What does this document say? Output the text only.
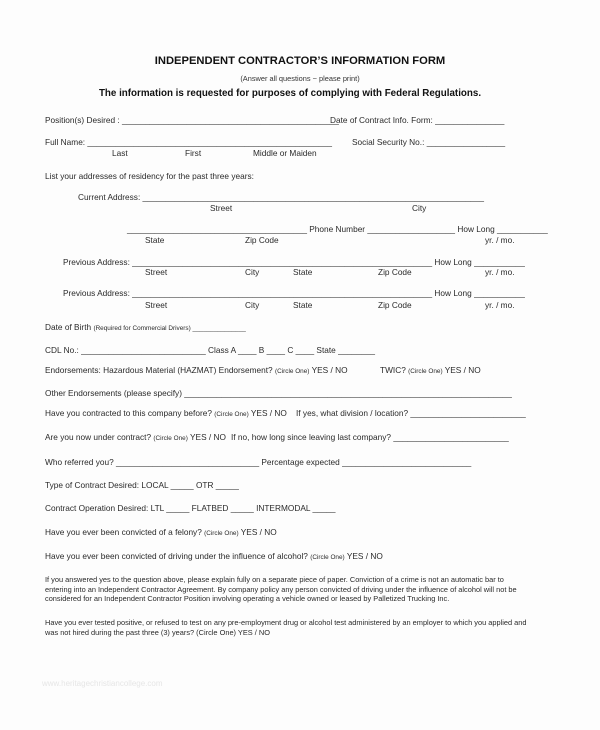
INDEPENDENT CONTRACTOR’S INFORMATION FORM
(Answer all questions ~ please print)
The information is requested for purposes of complying with Federal Regulations.
Position(s) Desired : _______________________________________________
Date of Contract Info. Form: _______________
Full Name: _____________________________________________________ Social Security No.: _________________
Last	First	Middle or Maiden
List your addresses of residency for the past three years:
Current Address: __________________________________________________________________________
Street	City
_______________________________________ Phone Number ___________________ How Long ___________
State	Zip Code	yr. / mo.
Previous Address: _________________________________________________________________ How Long ___________
Street	City	State	Zip Code	yr. / mo.
Previous Address: _________________________________________________________________ How Long ___________
Street	City	State	Zip Code	yr. / mo.
Date of Birth (Required for Commercial Drivers) _______________
CDL No.: ___________________________ Class A ____ B ____ C ____ State ________
Endorsements: Hazardous Material (HAZMAT) Endorsement? (Circle One) YES / NO	TWIC? (Circle One) YES / NO
Other Endorsements (please specify) _______________________________________________________________________
Have you contracted to this company before? (Circle One) YES / NO If yes, what division / location? _________________________
Are you now under contract? (Circle One) YES / NO If no, how long since leaving last company? _________________________
Who referred you? _______________________________ Percentage expected ____________________________
Type of Contract Desired: LOCAL _____ OTR _____
Contract Operation Desired: LTL _____ FLATBED _____ INTERMODAL _____
Have you ever been convicted of a felony? (Circle One) YES / NO
Have you ever been convicted of driving under the influence of alcohol? (Circle One) YES / NO
If you answered yes to the question above, please explain fully on a separate piece of paper. Conviction of a crime is not an automatic bar to
entering into an Independent Contractor Agreement. By company policy any person convicted of driving under the influence of alcohol will not be
considered for an Independent Contractor Position involving operating a vehicle owned or leased by Palletized Trucking Inc.
Have you ever tested positive, or refused to test on any pre-employment drug or alcohol test administered by an employer to which you applied and
was not hired during the past three (3) years? (Circle One) YES / NO
www.heritagechristiancollege.com
